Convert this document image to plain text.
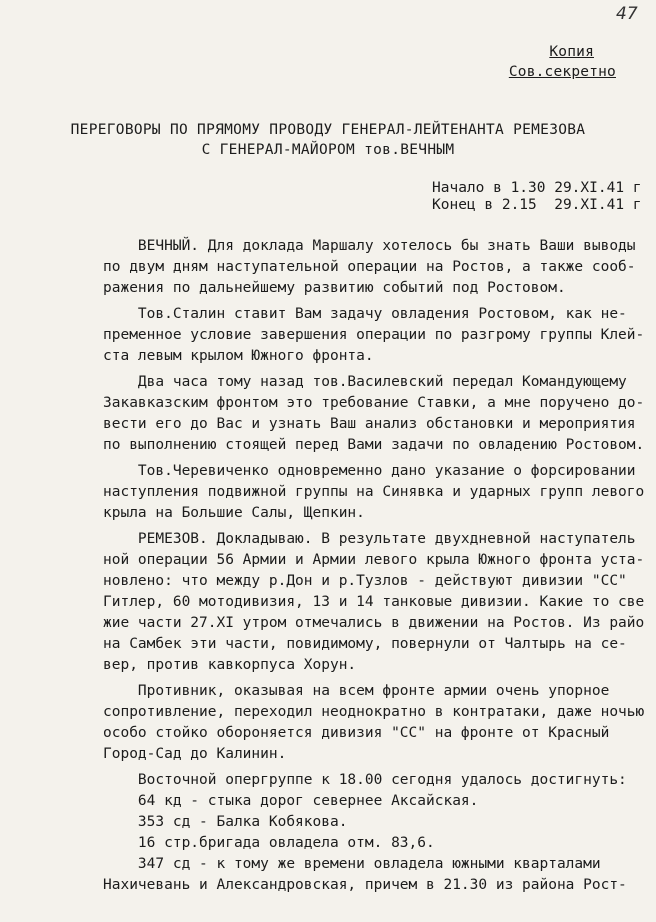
47
Копия
Сов.секретно
ПЕРЕГОВОРЫ ПО ПРЯМОМУ ПРОВОДУ ГЕНЕРАЛ-ЛЕЙТЕНАНТА РЕМЕЗОВА
С ГЕНЕРАЛ-МАЙОРОМ тов.ВЕЧНЫМ
Начало в 1.30 29.XI.41 г
Конец в 2.15  29.XI.41 г
ВЕЧНЫЙ. Для доклада Маршалу хотелось бы знать Ваши выводы
по двум дням наступательной операции на Ростов, а также сооб-
ражения по дальнейшему развитию событий под Ростовом.
Тов.Сталин ставит Вам задачу овладения Ростовом, как не-
пременное условие завершения операции по разгрому группы Клей-
ста левым крылом Южного фронта.
Два часа тому назад тов.Василевский передал Командующему
Закавказским фронтом это требование Ставки, а мне поручено до-
вести его до Вас и узнать Ваш анализ обстановки и мероприятия
по выполнению стоящей перед Вами задачи по овладению Ростовом.
Тов.Черевиченко одновременно дано указание о форсировании
наступления подвижной группы на Синявка и ударных групп левого
крыла на Большие Салы, Щепкин.
РЕМЕЗОВ. Докладываю. В результате двухдневной наступатель
ной операции 56 Армии и Армии левого крыла Южного фронта уста-
новлено: что между р.Дон и р.Тузлов - действуют дивизии "СС"
Гитлер, 60 мотодивизия, 13 и 14 танковые дивизии. Какие то све
жие части 27.XI утром отмечались в движении на Ростов. Из райо
на Самбек эти части, повидимому, повернули от Чалтырь на се-
вер, против кавкорпуса Хорун.
Противник, оказывая на всем фронте армии очень упорное
сопротивление, переходил неоднократно в контратаки, даже ночью
особо стойко обороняется дивизия "СС" на фронте от Красный
Город-Сад до Калинин.
Восточной опергруппе к 18.00 сегодня удалось достигнуть:
64 кд - стыка дорог севернее Аксайская.
353 сд - Балка Кобякова.
16 стр.бригада овладела отм. 83,6.
347 сд - к тому же времени овладела южными кварталами
Нахичевань и Александровская, причем в 21.30 из района Рост-
